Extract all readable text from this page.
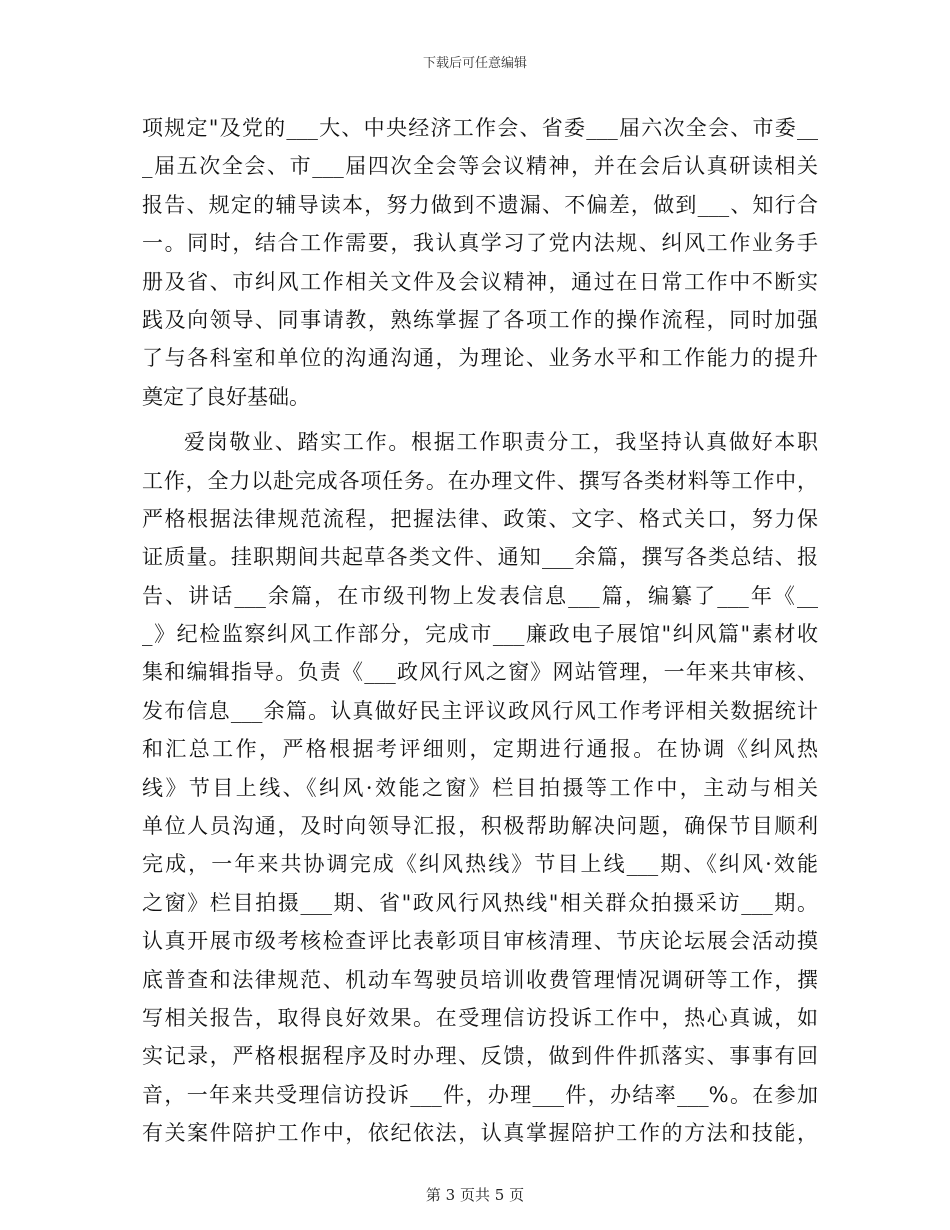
下载后可任意编辑
项规定"及党的___大、中央经济工作会、省委___届六次全会、市委__
_届五次全会、市___届四次全会等会议精神，并在会后认真研读相关
报告、规定的辅导读本，努力做到不遗漏、不偏差，做到___、知行合
一。同时，结合工作需要，我认真学习了党内法规、纠风工作业务手
册及省、市纠风工作相关文件及会议精神，通过在日常工作中不断实
践及向领导、同事请教，熟练掌握了各项工作的操作流程，同时加强
了与各科室和单位的沟通沟通，为理论、业务水平和工作能力的提升
奠定了良好基础。
爱岗敬业、踏实工作。根据工作职责分工，我坚持认真做好本职
工作，全力以赴完成各项任务。在办理文件、撰写各类材料等工作中，
严格根据法律规范流程，把握法律、政策、文字、格式关口，努力保
证质量。挂职期间共起草各类文件、通知___余篇，撰写各类总结、报
告、讲话___余篇，在市级刊物上发表信息___篇，编纂了___年《__
_》纪检监察纠风工作部分，完成市___廉政电子展馆"纠风篇"素材收
集和编辑指导。负责《___政风行风之窗》网站管理，一年来共审核、
发布信息___余篇。认真做好民主评议政风行风工作考评相关数据统计
和汇总工作，严格根据考评细则，定期进行通报。在协调《纠风热
线》节目上线、《纠风·效能之窗》栏目拍摄等工作中，主动与相关
单位人员沟通，及时向领导汇报，积极帮助解决问题，确保节目顺利
完成，一年来共协调完成《纠风热线》节目上线___期、《纠风·效能
之窗》栏目拍摄___期、省"政风行风热线"相关群众拍摄采访___期。
认真开展市级考核检查评比表彰项目审核清理、节庆论坛展会活动摸
底普查和法律规范、机动车驾驶员培训收费管理情况调研等工作，撰
写相关报告，取得良好效果。在受理信访投诉工作中，热心真诚，如
实记录，严格根据程序及时办理、反馈，做到件件抓落实、事事有回
音，一年来共受理信访投诉___件，办理___件，办结率___%。在参加
有关案件陪护工作中，依纪依法，认真掌握陪护工作的方法和技能，
第 3 页共 5 页
